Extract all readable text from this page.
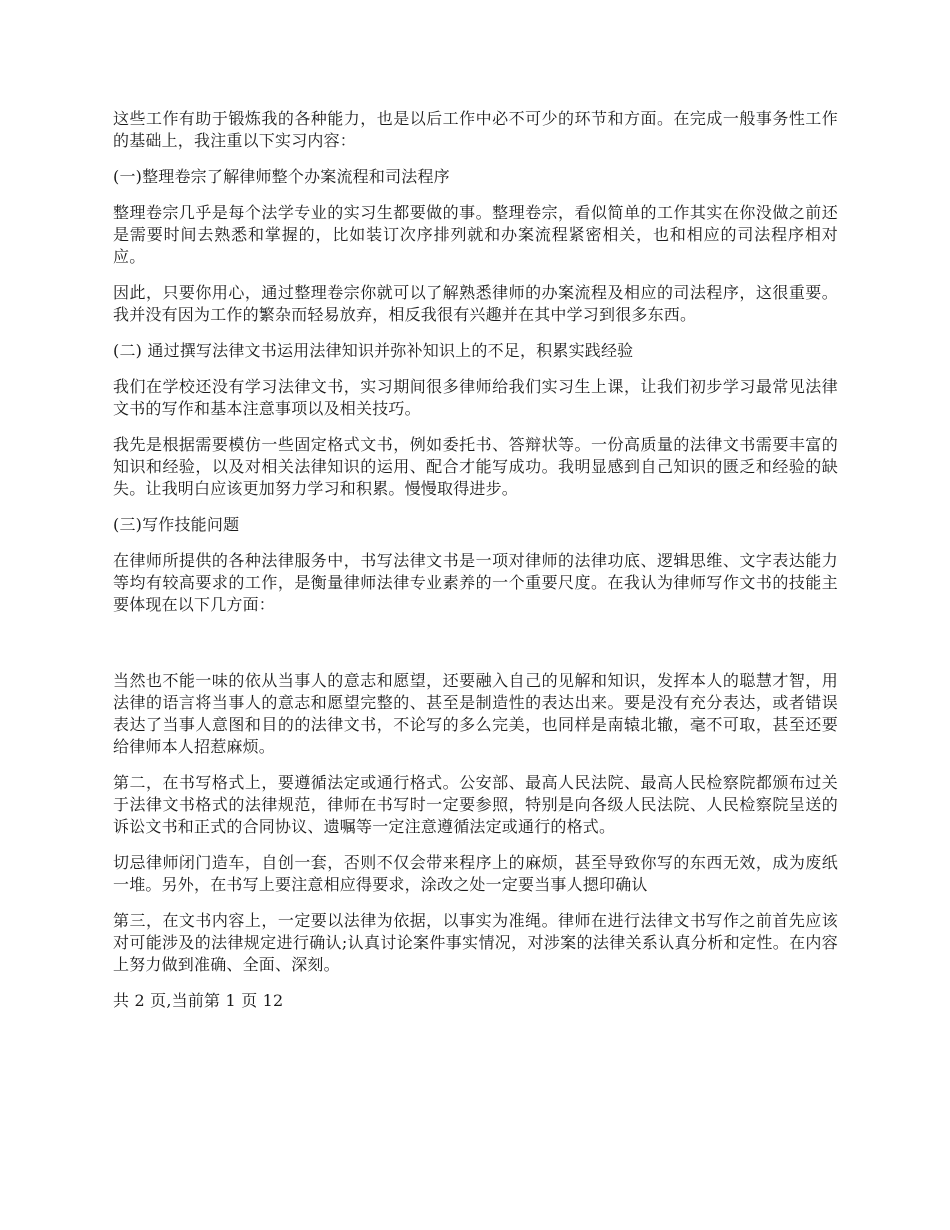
这些工作有助于锻炼我的各种能力，也是以后工作中必不可少的环节和方面。在完成一般事务性工作的基础上，我注重以下实习内容：

(一)整理卷宗了解律师整个办案流程和司法程序

整理卷宗几乎是每个法学专业的实习生都要做的事。整理卷宗，看似简单的工作其实在你没做之前还是需要时间去熟悉和掌握的，比如装订次序排列就和办案流程紧密相关，也和相应的司法程序相对应。

因此，只要你用心，通过整理卷宗你就可以了解熟悉律师的办案流程及相应的司法程序，这很重要。我并没有因为工作的繁杂而轻易放弃，相反我很有兴趣并在其中学习到很多东西。

(二) 通过撰写法律文书运用法律知识并弥补知识上的不足，积累实践经验

我们在学校还没有学习法律文书，实习期间很多律师给我们实习生上课，让我们初步学习最常见法律文书的写作和基本注意事项以及相关技巧。

我先是根据需要模仿一些固定格式文书，例如委托书、答辩状等。一份高质量的法律文书需要丰富的知识和经验，以及对相关法律知识的运用、配合才能写成功。我明显感到自己知识的匮乏和经验的缺失。让我明白应该更加努力学习和积累。慢慢取得进步。

(三)写作技能问题

在律师所提供的各种法律服务中，书写法律文书是一项对律师的法律功底、逻辑思维、文字表达能力等均有较高要求的工作，是衡量律师法律专业素养的一个重要尺度。在我认为律师写作文书的技能主要体现在以下几方面：

当然也不能一味的依从当事人的意志和愿望，还要融入自己的见解和知识，发挥本人的聪慧才智，用法律的语言将当事人的意志和愿望完整的、甚至是制造性的表达出来。要是没有充分表达，或者错误表达了当事人意图和目的的法律文书，不论写的多么完美，也同样是南辕北辙，毫不可取，甚至还要给律师本人招惹麻烦。

第二，在书写格式上，要遵循法定或通行格式。公安部、最高人民法院、最高人民检察院都颁布过关于法律文书格式的法律规范，律师在书写时一定要参照，特别是向各级人民法院、人民检察院呈送的诉讼文书和正式的合同协议、遗嘱等一定注意遵循法定或通行的格式。

切忌律师闭门造车，自创一套，否则不仅会带来程序上的麻烦，甚至导致你写的东西无效，成为废纸一堆。另外，在书写上要注意相应得要求，涂改之处一定要当事人摁印确认

第三，在文书内容上，一定要以法律为依据，以事实为准绳。律师在进行法律文书写作之前首先应该对可能涉及的法律规定进行确认;认真讨论案件事实情况，对涉案的法律关系认真分析和定性。在内容上努力做到准确、全面、深刻。

共 2 页,当前第 1 页 12
